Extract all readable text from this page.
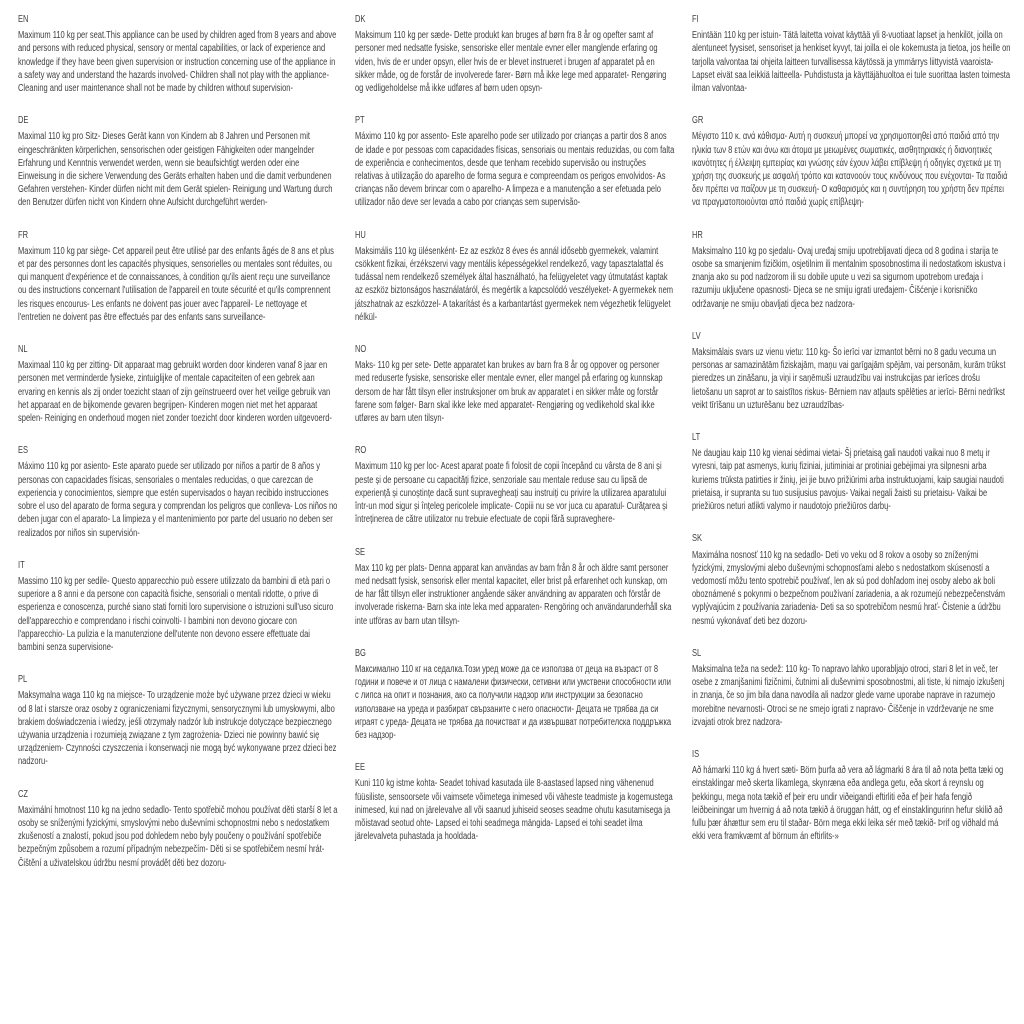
EN

Maximum 110 kg per seat.This appliance can be used by children aged from 8 years and above and persons with reduced physical, sensory or mental capabilities, or lack of experience and knowledge if they have been given supervision or instruction concerning use of the appliance in a safety way and understand the hazards involved- Children shall not play with the appliance- Cleaning and user maintenance shall not be made by children without supervision-

DE

Maximal 110 kg pro Sitz- Dieses Gerät kann von Kindern ab 8 Jahren und Personen mit eingeschränkten körperlichen, sensorischen oder geistigen Fähigkeiten oder mangelnder Erfahrung und Kenntnis verwendet werden, wenn sie beaufsichtigt werden oder eine Einweisung in die sichere Verwendung des Geräts erhalten haben und die damit verbundenen Gefahren verstehen- Kinder dürfen nicht mit dem Gerät spielen- Reinigung und Wartung durch den Benutzer dürfen nicht von Kindern ohne Aufsicht durchgeführt werden-

FR

Maximum 110 kg par siège- Cet appareil peut être utilisé par des enfants âgés de 8 ans et plus et par des personnes dont les capacités physiques, sensorielles ou mentales sont réduites, ou qui manquent d'expérience et de connaissances, à condition qu'ils aient reçu une surveillance ou des instructions concernant l'utilisation de l'appareil en toute sécurité et qu'ils comprennent les risques encourus- Les enfants ne doivent pas jouer avec l'appareil- Le nettoyage et l'entretien ne doivent pas être effectués par des enfants sans surveillance-

NL

Maximaal 110 kg per zitting- Dit apparaat mag gebruikt worden door kinderen vanaf 8 jaar en personen met verminderde fysieke, zintuiglijke of mentale capaciteiten of een gebrek aan ervaring en kennis als zij onder toezicht staan of zijn geïnstrueerd over het veilige gebruik van het apparaat en de bijkomende gevaren begrijpen- Kinderen mogen niet met het apparaat spelen- Reiniging en onderhoud mogen niet zonder toezicht door kinderen worden uitgevoerd-

ES

Máximo 110 kg por asiento- Este aparato puede ser utilizado por niños a partir de 8 años y personas con capacidades físicas, sensoriales o mentales reducidas, o que carezcan de experiencia y conocimientos, siempre que estén supervisados o hayan recibido instrucciones sobre el uso del aparato de forma segura y comprendan los peligros que conlleva- Los niños no deben jugar con el aparato- La limpieza y el mantenimiento por parte del usuario no deben ser realizados por niños sin supervisión-

IT

Massimo 110 kg per sedile- Questo apparecchio può essere utilizzato da bambini di età pari o superiore a 8 anni e da persone con capacità fisiche, sensoriali o mentali ridotte, o prive di esperienza e conoscenza, purché siano stati forniti loro supervisione o istruzioni sull'uso sicuro dell'apparecchio e comprendano i rischi coinvolti- I bambini non devono giocare con l'apparecchio- La pulizia e la manutenzione dell'utente non devono essere effettuate dai bambini senza supervisione-

PL

Maksymalna waga 110 kg na miejsce- To urządzenie może być używane przez dzieci w wieku od 8 lat i starsze oraz osoby z ograniczeniami fizycznymi, sensorycznymi lub umysłowymi, albo brakiem doświadczenia i wiedzy, jeśli otrzymały nadzór lub instrukcje dotyczące bezpiecznego używania urządzenia i rozumieją związane z tym zagrożenia- Dzieci nie powinny bawić się urządzeniem- Czynności czyszczenia i konserwacji nie mogą być wykonywane przez dzieci bez nadzoru-

CZ

Maximální hmotnost 110 kg na jedno sedadlo- Tento spotřebič mohou používat děti starší 8 let a osoby se sníženými fyzickými, smyslovými nebo duševními schopnostmi nebo s nedostatkem zkušeností a znalostí, pokud jsou pod dohledem nebo byly poučeny o používání spotřebiče bezpečným způsobem a rozumí případným nebezpečím- Děti si se spotřebičem nesmí hrát- Čištění a uživatelskou údržbu nesmí provádět děti bez dozoru-

DK

Maksimum 110 kg per sæde- Dette produkt kan bruges af børn fra 8 år og opefter samt af personer med nedsatte fysiske, sensoriske eller mentale evner eller manglende erfaring og viden, hvis de er under opsyn, eller hvis de er blevet instrueret i brugen af apparatet på en sikker måde, og de forstår de involverede farer- Børn må ikke lege med apparatet- Rengøring og vedligeholdelse må ikke udføres af børn uden opsyn-

PT

Máximo 110 kg por assento- Este aparelho pode ser utilizado por crianças a partir dos 8 anos de idade e por pessoas com capacidades físicas, sensoriais ou mentais reduzidas, ou com falta de experiência e conhecimentos, desde que tenham recebido supervisão ou instruções relativas à utilização do aparelho de forma segura e compreendam os perigos envolvidos- As crianças não devem brincar com o aparelho- A limpeza e a manutenção a ser efetuada pelo utilizador não deve ser levada a cabo por crianças sem supervisão-

HU

Maksimális 110 kg ülésenként- Ez az eszköz 8 éves és annál idősebb gyermekek, valamint csökkent fizikai, érzékszervi vagy mentális képességekkel rendelkező, vagy tapasztalattal és tudással nem rendelkező személyek által használható, ha felügyeletet vagy útmutatást kaptak az eszköz biztonságos használatáról, és megértik a kapcsolódó veszélyeket- A gyermekek nem játszhatnak az eszközzel- A takarítást és a karbantartást gyermekek nem végezhetik felügyelet nélkül-

NO

Maks- 110 kg per sete- Dette apparatet kan brukes av barn fra 8 år og oppover og personer med reduserte fysiske, sensoriske eller mentale evner, eller mangel på erfaring og kunnskap dersom de har fått tilsyn eller instruksjoner om bruk av apparatet i en sikker måte og forstår farene som følger- Barn skal ikke leke med apparatet- Rengjøring og vedlikehold skal ikke utføres av barn uten tilsyn-

RO

Maximum 110 kg per loc- Acest aparat poate fi folosit de copii începând cu vârsta de 8 ani și peste și de persoane cu capacități fizice, senzoriale sau mentale reduse sau cu lipsă de experiență și cunoștințe dacă sunt supravegheați sau instruiți cu privire la utilizarea aparatului într-un mod sigur și înțeleg pericolele implicate- Copiii nu se vor juca cu aparatul- Curățarea și întreținerea de către utilizator nu trebuie efectuate de copii fără supraveghere-

SE

Max 110 kg per plats- Denna apparat kan användas av barn från 8 år och äldre samt personer med nedsatt fysisk, sensorisk eller mental kapacitet, eller brist på erfarenhet och kunskap, om de har fått tillsyn eller instruktioner angående säker användning av apparaten och förstår de involverade riskerna- Barn ska inte leka med apparaten- Rengöring och användarunderhåll ska inte utföras av barn utan tillsyn-

BG

Максимално 110 кг на седалка.Този уред може да се използва от деца на възраст от 8 години и повече и от лица с намалени физически, сетивни или умствени способности или с липса на опит и познания, ако са получили надзор или инструкции за безопасно използване на уреда и разбират свързаните с него опасности- Децата не трябва да си играят с уреда- Децата не трябва да почистват и да извършват потребителска поддръжка без надзор-

EE

Kuni 110 kg istme kohta- Seadet tohivad kasutada üle 8-aastased lapsed ning vähenenud füüsiliste, sensoorsete või vaimsete võimetega inimesed või väheste teadmiste ja kogemustega inimesed, kui nad on järelevalve all või saanud juhiseid seoses seadme ohutu kasutamisega ja mõistavad seotud ohte- Lapsed ei tohi seadmega mängida- Lapsed ei tohi seadet ilma järelevalveta puhastada ja hooldada-

FI

Enintään 110 kg per istuin- Tätä laitetta voivat käyttää yli 8-vuotiaat lapset ja henkilöt, joilla on alentuneet fyysiset, sensoriset ja henkiset kyvyt, tai joilla ei ole kokemusta ja tietoa, jos heille on tarjolla valvontaa tai ohjeita laitteen turvallisessa käytössä ja ymmärrys liittyvistä vaaroista- Lapset eivät saa leikkiä laitteella- Puhdistusta ja käyttäjähuoltoa ei tule suorittaa lasten toimesta ilman valvontaa-

GR

Μέγιστο 110 κ. ανά κάθισμα- Αυτή η συσκευή μπορεί να χρησιμοποιηθεί από παιδιά από την ηλικία των 8 ετών και άνω και άτομα με μειωμένες σωματικές, αισθητηριακές ή διανοητικές ικανότητες ή έλλειψη εμπειρίας και γνώσης εάν έχουν λάβει επίβλεψη ή οδηγίες σχετικά με τη χρήση της συσκευής με ασφαλή τρόπο και κατανοούν τους κινδύνους που ενέχονται- Τα παιδιά δεν πρέπει να παίζουν με τη συσκευή- Ο καθαρισμός και η συντήρηση του χρήστη δεν πρέπει να πραγματοποιούνται από παιδιά χωρίς επίβλεψη-

HR

Maksimalno 110 kg po sjedalu- Ovaj uređaj smiju upotrebljavati djeca od 8 godina i starija te osobe sa smanjenim fizičkim, osjetilnim ili mentalnim sposobnostima ili nedostatkom iskustva i znanja ako su pod nadzorom ili su dobile upute u vezi sa sigurnom upotrebom uređaja i razumiju uključene opasnosti- Djeca se ne smiju igrati uređajem- Čišćenje i korisničko održavanje ne smiju obavljati djeca bez nadzora-

LV

Maksimālais svars uz vienu vietu: 110 kg- Šo ierīci var izmantot bērni no 8 gadu vecuma un personas ar samazinātām fiziskajām, maņu vai garīgajām spējām, vai personām, kurām trūkst pieredzes un zināšanu, ja viņi ir saņēmuši uzraudzību vai instrukcijas par ierīces drošu lietošanu un saprot ar to saistītos riskus- Bērniem nav atļauts spēlēties ar ierīci- Bērni nedrīkst veikt tīrīšanu un uzturēšanu bez uzraudzības-

LT

Ne daugiau kaip 110 kg vienai sėdimai vietai- Šį prietaisą gali naudoti vaikai nuo 8 metų ir vyresni, taip pat asmenys, kurių fiziniai, jutiminiai ar protiniai gebėjimai yra silpnesni arba kuriems trūksta patirties ir žinių, jei jie buvo prižiūrimi arba instruktuojami, kaip saugiai naudoti prietaisą, ir supranta su tuo susijusius pavojus- Vaikai negali žaisti su prietaisu- Vaikai be priežiūros neturi atlikti valymo ir naudotojo priežiūros darbų-

SK

Maximálna nosnosť 110 kg na sedadlo- Deti vo veku od 8 rokov a osoby so zníženými fyzickými, zmyslovými alebo duševnými schopnosťami alebo s nedostatkom skúseností a vedomostí môžu tento spotrebič používať, len ak sú pod dohľadom inej osoby alebo ak boli oboznámené s pokynmi o bezpečnom používaní zariadenia, a ak rozumejú nebezpečenstvám vyplývajúcim z používania zariadenia- Deti sa so spotrebičom nesmú hrať- Čistenie a údržbu nesmú vykonávať deti bez dozoru-

SL

Maksimalna teža na sedež: 110 kg- To napravo lahko uporabljajo otroci, stari 8 let in več, ter osebe z zmanjšanimi fizičnimi, čutnimi ali duševnimi sposobnostmi, ali tiste, ki nimajo izkušenj in znanja, če so jim bila dana navodila ali nadzor glede varne uporabe naprave in razumejo morebitne nevarnosti- Otroci se ne smejo igrati z napravo- Čiščenje in vzdrževanje ne sme izvajati otrok brez nadzora-

IS

Að hámarki 110 kg á hvert sæti- Börn þurfa að vera að lágmarki 8 ára til að nota þetta tæki og einstaklingar með skerta líkamlega, skynræna eða andlega getu, eða skort á reynslu og þekkingu, mega nota tækið ef þeir eru undir viðeigandi eftirliti eða ef þeir hafa fengið leiðbeiningar um hvernig á að nota tækið á öruggan hátt, og ef einstaklingurinn hefur skilið að fullu þær áhættur sem eru til staðar- Börn mega ekki leika sér með tækið- Þrif og viðhald má ekki vera framkvæmt af börnum án eftirlits-»
